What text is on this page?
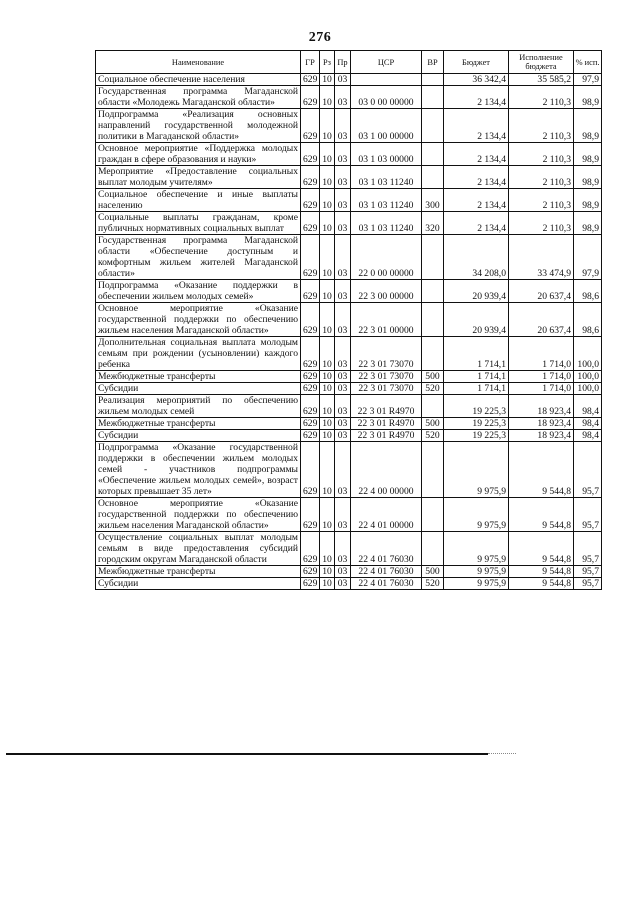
276
Наименование	ГР	Рз	Пр	ЦСР	ВР	Бюджет	Исполнение бюджета	% исп.
Социальное обеспечение населения	629	10	03			36 342,4	35 585,2	97,9
Государственная программа Магаданской области «Молодежь Магаданской области»	629	10	03	03 0 00 00000		2 134,4	2 110,3	98,9
Подпрограмма «Реализация основных направлений государственной молодежной политики в Магаданской области»	629	10	03	03 1 00 00000		2 134,4	2 110,3	98,9
Основное мероприятие «Поддержка молодых граждан в сфере образования и науки»	629	10	03	03 1 03 00000		2 134,4	2 110,3	98,9
Мероприятие «Предоставление социальных выплат молодым учителям»	629	10	03	03 1 03 11240		2 134,4	2 110,3	98,9
Социальное обеспечение и иные выплаты населению	629	10	03	03 1 03 11240	300	2 134,4	2 110,3	98,9
Социальные выплаты гражданам, кроме публичных нормативных социальных выплат	629	10	03	03 1 03 11240	320	2 134,4	2 110,3	98,9
Государственная программа Магаданской области «Обеспечение доступным и комфортным жильем жителей Магаданской области»	629	10	03	22 0 00 00000		34 208,0	33 474,9	97,9
Подпрограмма «Оказание поддержки в обеспечении жильем молодых семей»	629	10	03	22 3 00 00000		20 939,4	20 637,4	98,6
Основное мероприятие «Оказание государственной поддержки по обеспечению жильем населения Магаданской области»	629	10	03	22 3 01 00000		20 939,4	20 637,4	98,6
Дополнительная социальная выплата молодым семьям при рождении (усыновлении) каждого ребенка	629	10	03	22 3 01 73070		1 714,1	1 714,0	100,0
Межбюджетные трансферты	629	10	03	22 3 01 73070	500	1 714,1	1 714,0	100,0
Субсидии	629	10	03	22 3 01 73070	520	1 714,1	1 714,0	100,0
Реализация мероприятий по обеспечению жильем молодых семей	629	10	03	22 3 01 R4970		19 225,3	18 923,4	98,4
Межбюджетные трансферты	629	10	03	22 3 01 R4970	500	19 225,3	18 923,4	98,4
Субсидии	629	10	03	22 3 01 R4970	520	19 225,3	18 923,4	98,4
Подпрограмма «Оказание государственной поддержки в обеспечении жильем молодых семей - участников подпрограммы «Обеспечение жильем молодых семей», возраст которых превышает 35 лет»	629	10	03	22 4 00 00000		9 975,9	9 544,8	95,7
Основное мероприятие «Оказание государственной поддержки по обеспечению жильем населения Магаданской области»	629	10	03	22 4 01 00000		9 975,9	9 544,8	95,7
Осуществление социальных выплат молодым семьям в виде предоставления субсидий городским округам Магаданской области	629	10	03	22 4 01 76030		9 975,9	9 544,8	95,7
Межбюджетные трансферты	629	10	03	22 4 01 76030	500	9 975,9	9 544,8	95,7
Субсидии	629	10	03	22 4 01 76030	520	9 975,9	9 544,8	95,7
